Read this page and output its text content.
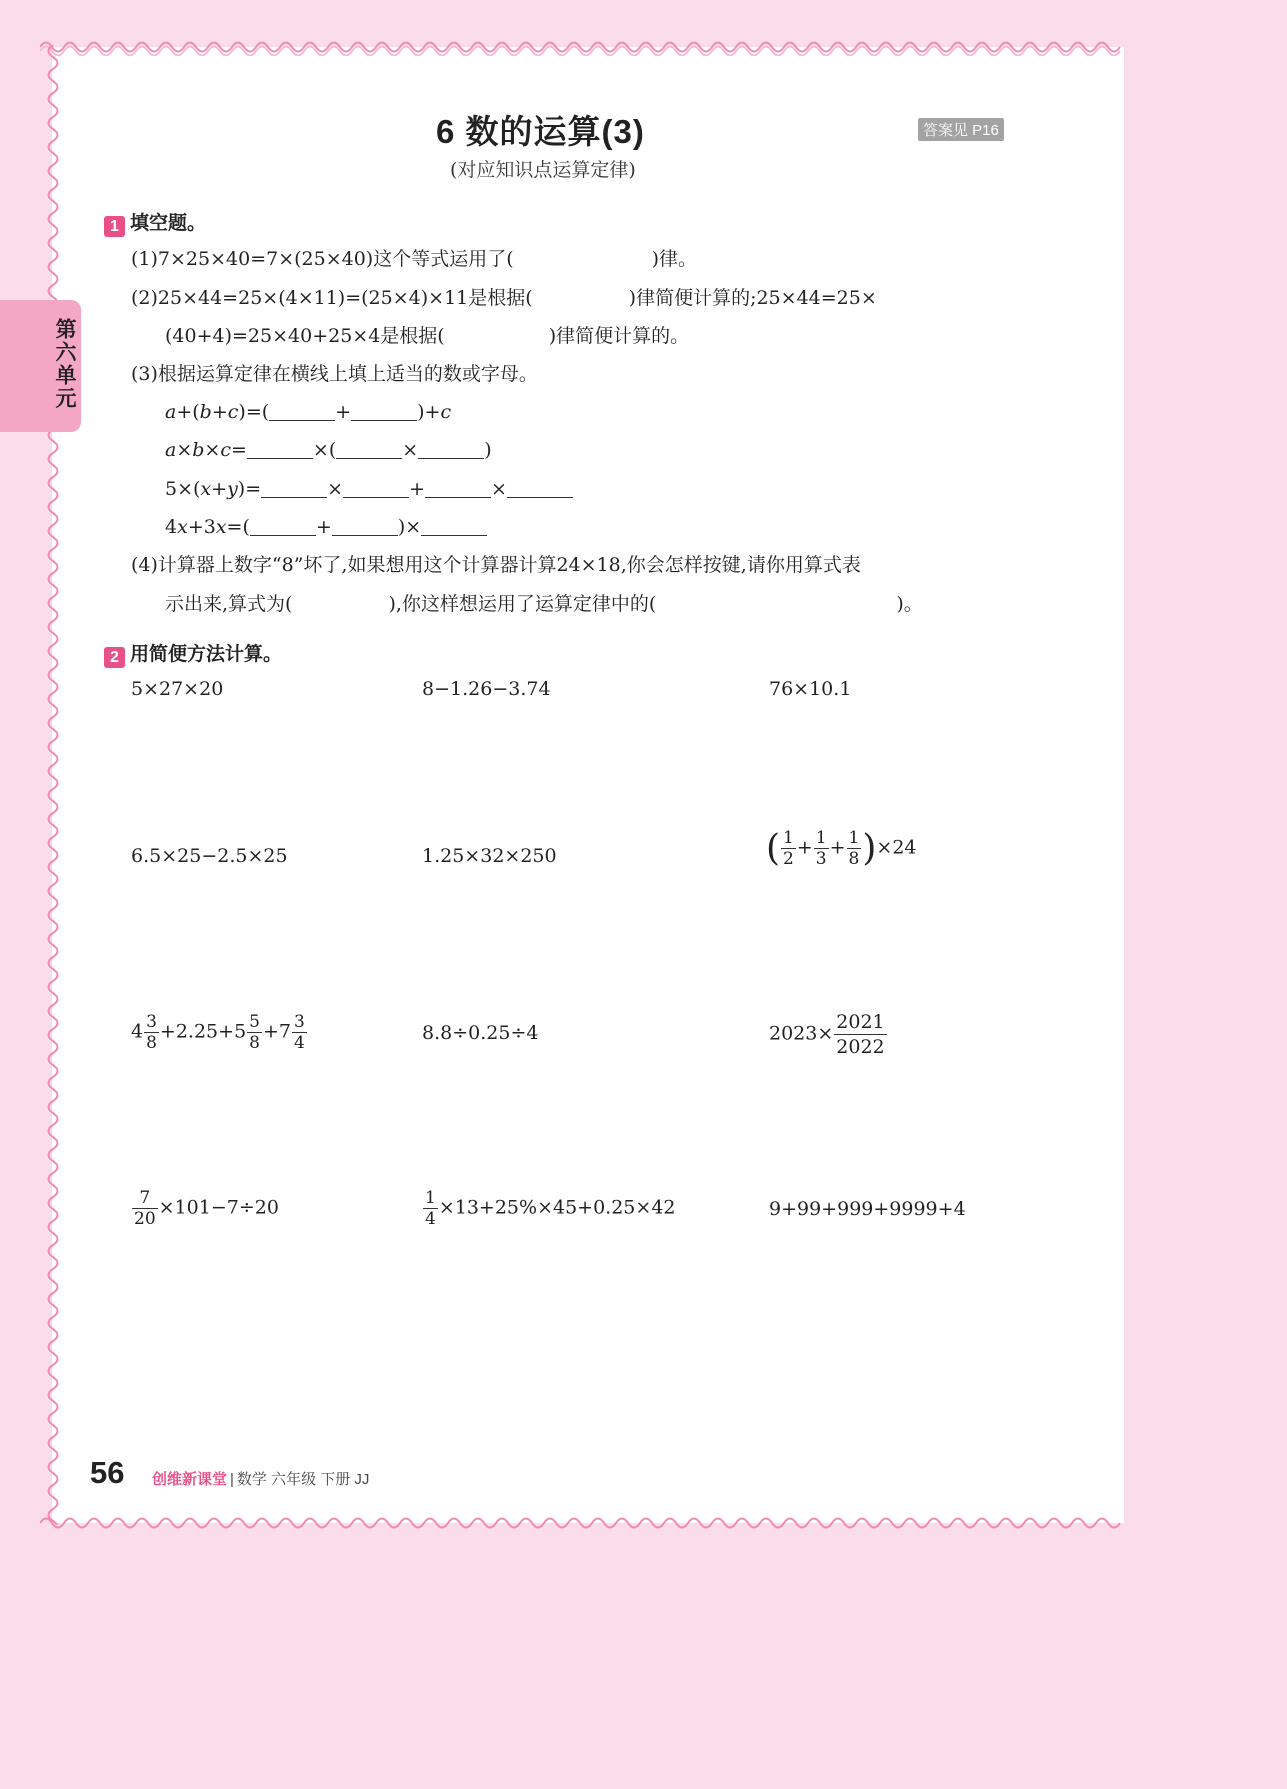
第六单元
6 数的运算(3)
(对应知识点运算定律)
答案见 P16
1 填空题。
(1)7×25×40=7×(25×40)这个等式运用了(	)律。
(2)25×44=25×(4×11)=(25×4)×11是根据(	)律简便计算的;25×44=25×
(40+4)=25×40+25×4是根据(	)律简便计算的。
(3)根据运算定律在横线上填上适当的数或字母。
a+(b+c)=(	+	)+c
a×b×c=	×(	×	)
5×(x+y)=	×	+	×
4x+3x=(	+	)×
(4)计算器上数字“8”坏了,如果想用这个计算器计算24×18,你会怎样按键,请你用算式表
示出来,算式为(	),你这样想运用了运算定律中的(	)。
2 用简便方法计算。
5×27×20	8−1.26−3.74	76×10.1
6.5×25−2.5×25	1.25×32×250	( $\frac{1}{2} + \frac{1}{3} + \frac{1}{8} )\times 24$
$4 \frac{3}{8} +2.25+5 \frac{5}{8} +7 \frac{3}{4}$	8.8÷0.25÷4	$2023\times \frac{2021}{2022}$
$\frac{7}{20} \times 101-7\div 20$	$\frac{1}{4} \times 13+25\%\times 45+0.25\times 42$	9+99+999+9999+4
56 创维新课堂 | 数学 六年级 下册 JJ
